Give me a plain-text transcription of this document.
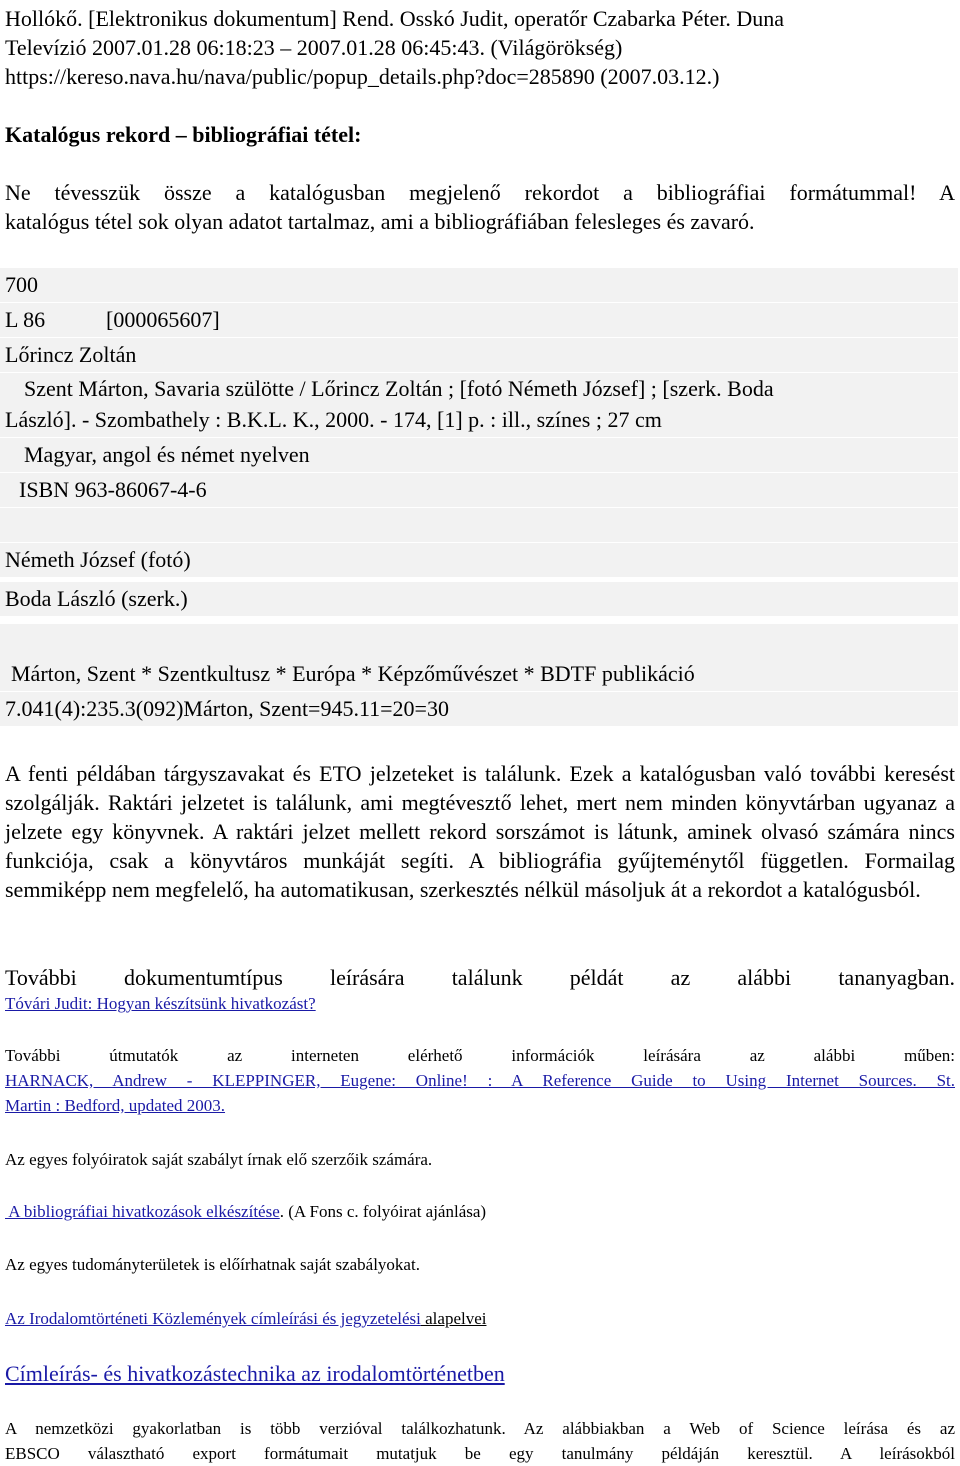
Hollókő. [Elektronikus dokumentum] Rend. Osskó Judit, operatőr Czabarka Péter. Duna
Televízió 2007.01.28 06:18:23 – 2007.01.28 06:45:43. (Világörökség)
https://kereso.nava.hu/nava/public/popup_details.php?doc=285890 (2007.03.12.)

Katalógus rekord – bibliográfiai tétel:

Ne tévesszük össze a katalógusban megjelenő rekordot a bibliográfiai formátummal! A
katalógus tétel sok olyan adatot tartalmaz, ami a bibliográfiában felesleges és zavaró.

700
L 86	[000065607]
Lőrincz Zoltán
Szent Márton, Savaria szülötte / Lőrincz Zoltán ; [fotó Németh József] ; [szerk. Boda
László]. - Szombathely : B.K.L. K., 2000. - 174, [1] p. : ill., színes ; 27 cm
Magyar, angol és német nyelven
ISBN 963-86067-4-6
Németh József (fotó)
Boda László (szerk.)
Márton, Szent * Szentkultusz * Európa * Képzőművészet * BDTF publikáció
7.041(4):235.3(092)Márton, Szent=945.11=20=30

A fenti példában tárgyszavakat és ETO jelzeteket is találunk. Ezek a katalógusban való további keresést szolgálják. Raktári jelzetet is találunk, ami megtévesztő lehet, mert nem minden könyvtárban ugyanaz a jelzete egy könyvnek. A raktári jelzet mellett rekord sorszámot is látunk, aminek olvasó számára nincs funkciója, csak a könyvtáros munkáját segíti. A bibliográfia gyűjteménytől független. Formailag semmiképp nem megfelelő, ha automatikusan, szerkesztés nélkül másoljuk át a rekordot a katalógusból.

További dokumentumtípus leírására találunk példát az alábbi tananyagban.

Tóvári Judit: Hogyan készítsünk hivatkozást?

További útmutatók az interneten elérhető információk leírására az alábbi műben:
HARNACK, Andrew - KLEPPINGER, Eugene: Online! : A Reference Guide to Using Internet Sources. St.
Martin : Bedford, updated 2003.

Az egyes folyóiratok saját szabályt írnak elő szerzőik számára.

A bibliográfiai hivatkozások elkészítése. (A Fons c. folyóirat ajánlása)

Az egyes tudományterületek is előírhatnak saját szabályokat.

Az Irodalomtörténeti Közlemények címleírási és jegyzetelési alapelvei

Címleírás- és hivatkozástechnika az irodalomtörténetben

A nemzetközi gyakorlatban is több verzióval találkozhatunk. Az alábbiakban a Web of Science leírása és az
EBSCO választható export formátumait mutatjuk be egy tanulmány példáján keresztül. A leírásokból
